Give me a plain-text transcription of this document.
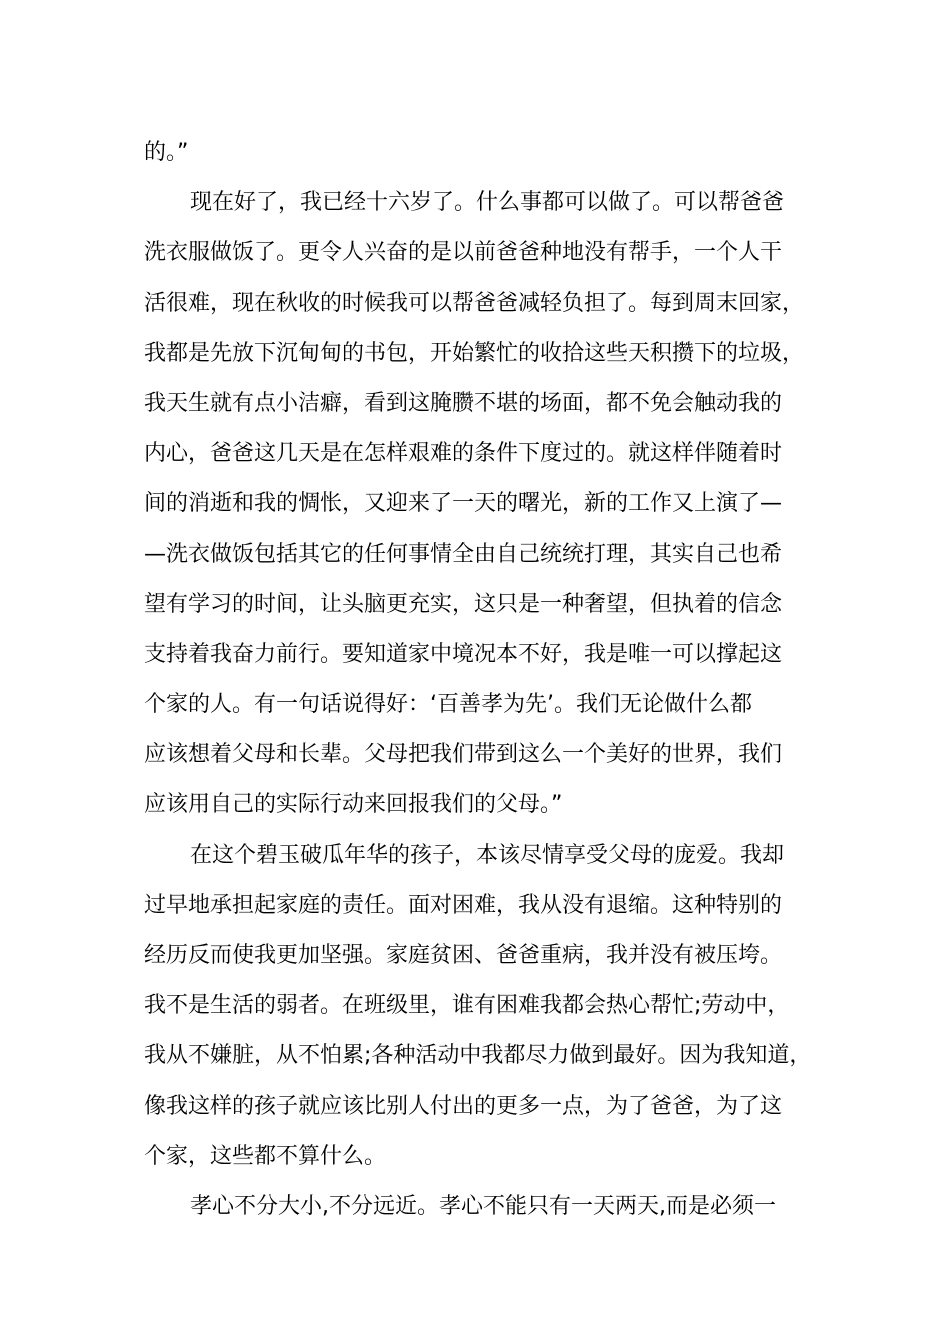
的。”
现在好了，我已经十六岁了。什么事都可以做了。可以帮爸爸
洗衣服做饭了。更令人兴奋的是以前爸爸种地没有帮手，一个人干
活很难，现在秋收的时候我可以帮爸爸减轻负担了。每到周末回家，
我都是先放下沉甸甸的书包，开始繁忙的收拾这些天积攒下的垃圾，
我天生就有点小洁癖，看到这腌臜不堪的场面，都不免会触动我的
内心，爸爸这几天是在怎样艰难的条件下度过的。就这样伴随着时
间的消逝和我的惆怅，又迎来了一天的曙光，新的工作又上演了—
—洗衣做饭包括其它的任何事情全由自己统统打理，其实自己也希
望有学习的时间，让头脑更充实，这只是一种奢望，但执着的信念
支持着我奋力前行。要知道家中境况本不好，我是唯一可以撑起这
个家的人。有一句话说得好：‘百善孝为先’。我们无论做什么都
应该想着父母和长辈。父母把我们带到这么一个美好的世界，我们
应该用自己的实际行动来回报我们的父母。”
在这个碧玉破瓜年华的孩子，本该尽情享受父母的庞爱。我却
过早地承担起家庭的责任。面对困难，我从没有退缩。这种特别的
经历反而使我更加坚强。家庭贫困、爸爸重病，我并没有被压垮。
我不是生活的弱者。在班级里，谁有困难我都会热心帮忙;劳动中，
我从不嫌脏，从不怕累;各种活动中我都尽力做到最好。因为我知道，
像我这样的孩子就应该比别人付出的更多一点，为了爸爸，为了这
个家，这些都不算什么。
孝心不分大小,不分远近。孝心不能只有一天两天,而是必须一
